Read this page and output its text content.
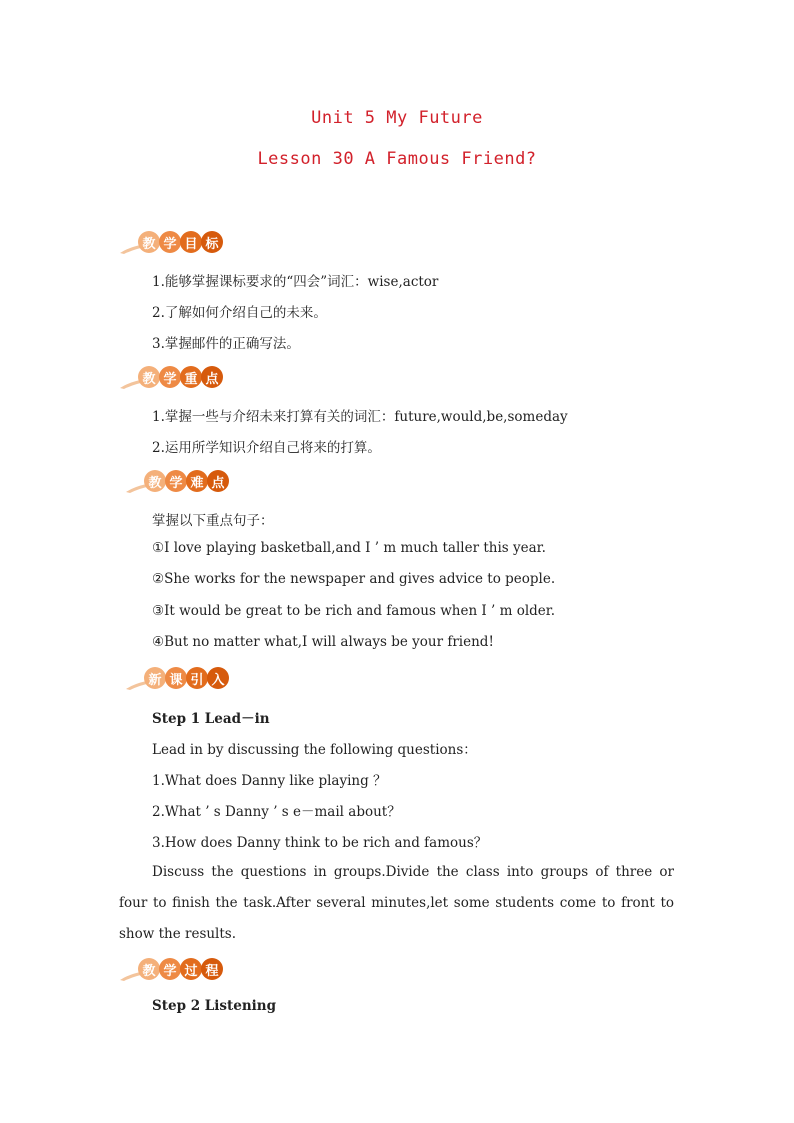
Unit 5 My Future
Lesson 30 A Famous Friend?
教 学 目 标
1.能够掌握课标要求的“四会”词汇：wise,actor
2.了解如何介绍自己的未来。
3.掌握邮件的正确写法。
教 学 重 点
1.掌握一些与介绍未来打算有关的词汇：future,would,be,someday
2.运用所学知识介绍自己将来的打算。
教 学 难 点
掌握以下重点句子：
①I love playing basketball,and I ’ m much taller this year.
②She works for the newspaper and gives advice to people.
③It would be great to be rich and famous when I ’ m older.
④But no matter what,I will always be your friend!
新 课 引 入
Step 1 Lead－in
Lead in by discussing the following questions：
1.What does Danny like playing ？
2.What ’ s Danny ’ s e－mail about？
3.How does Danny think to be rich and famous？
Discuss the questions in groups.Divide the class into groups of three or four to finish the task.After several minutes,let some students come to front to show the results.
教 学 过 程
Step 2 Listening
